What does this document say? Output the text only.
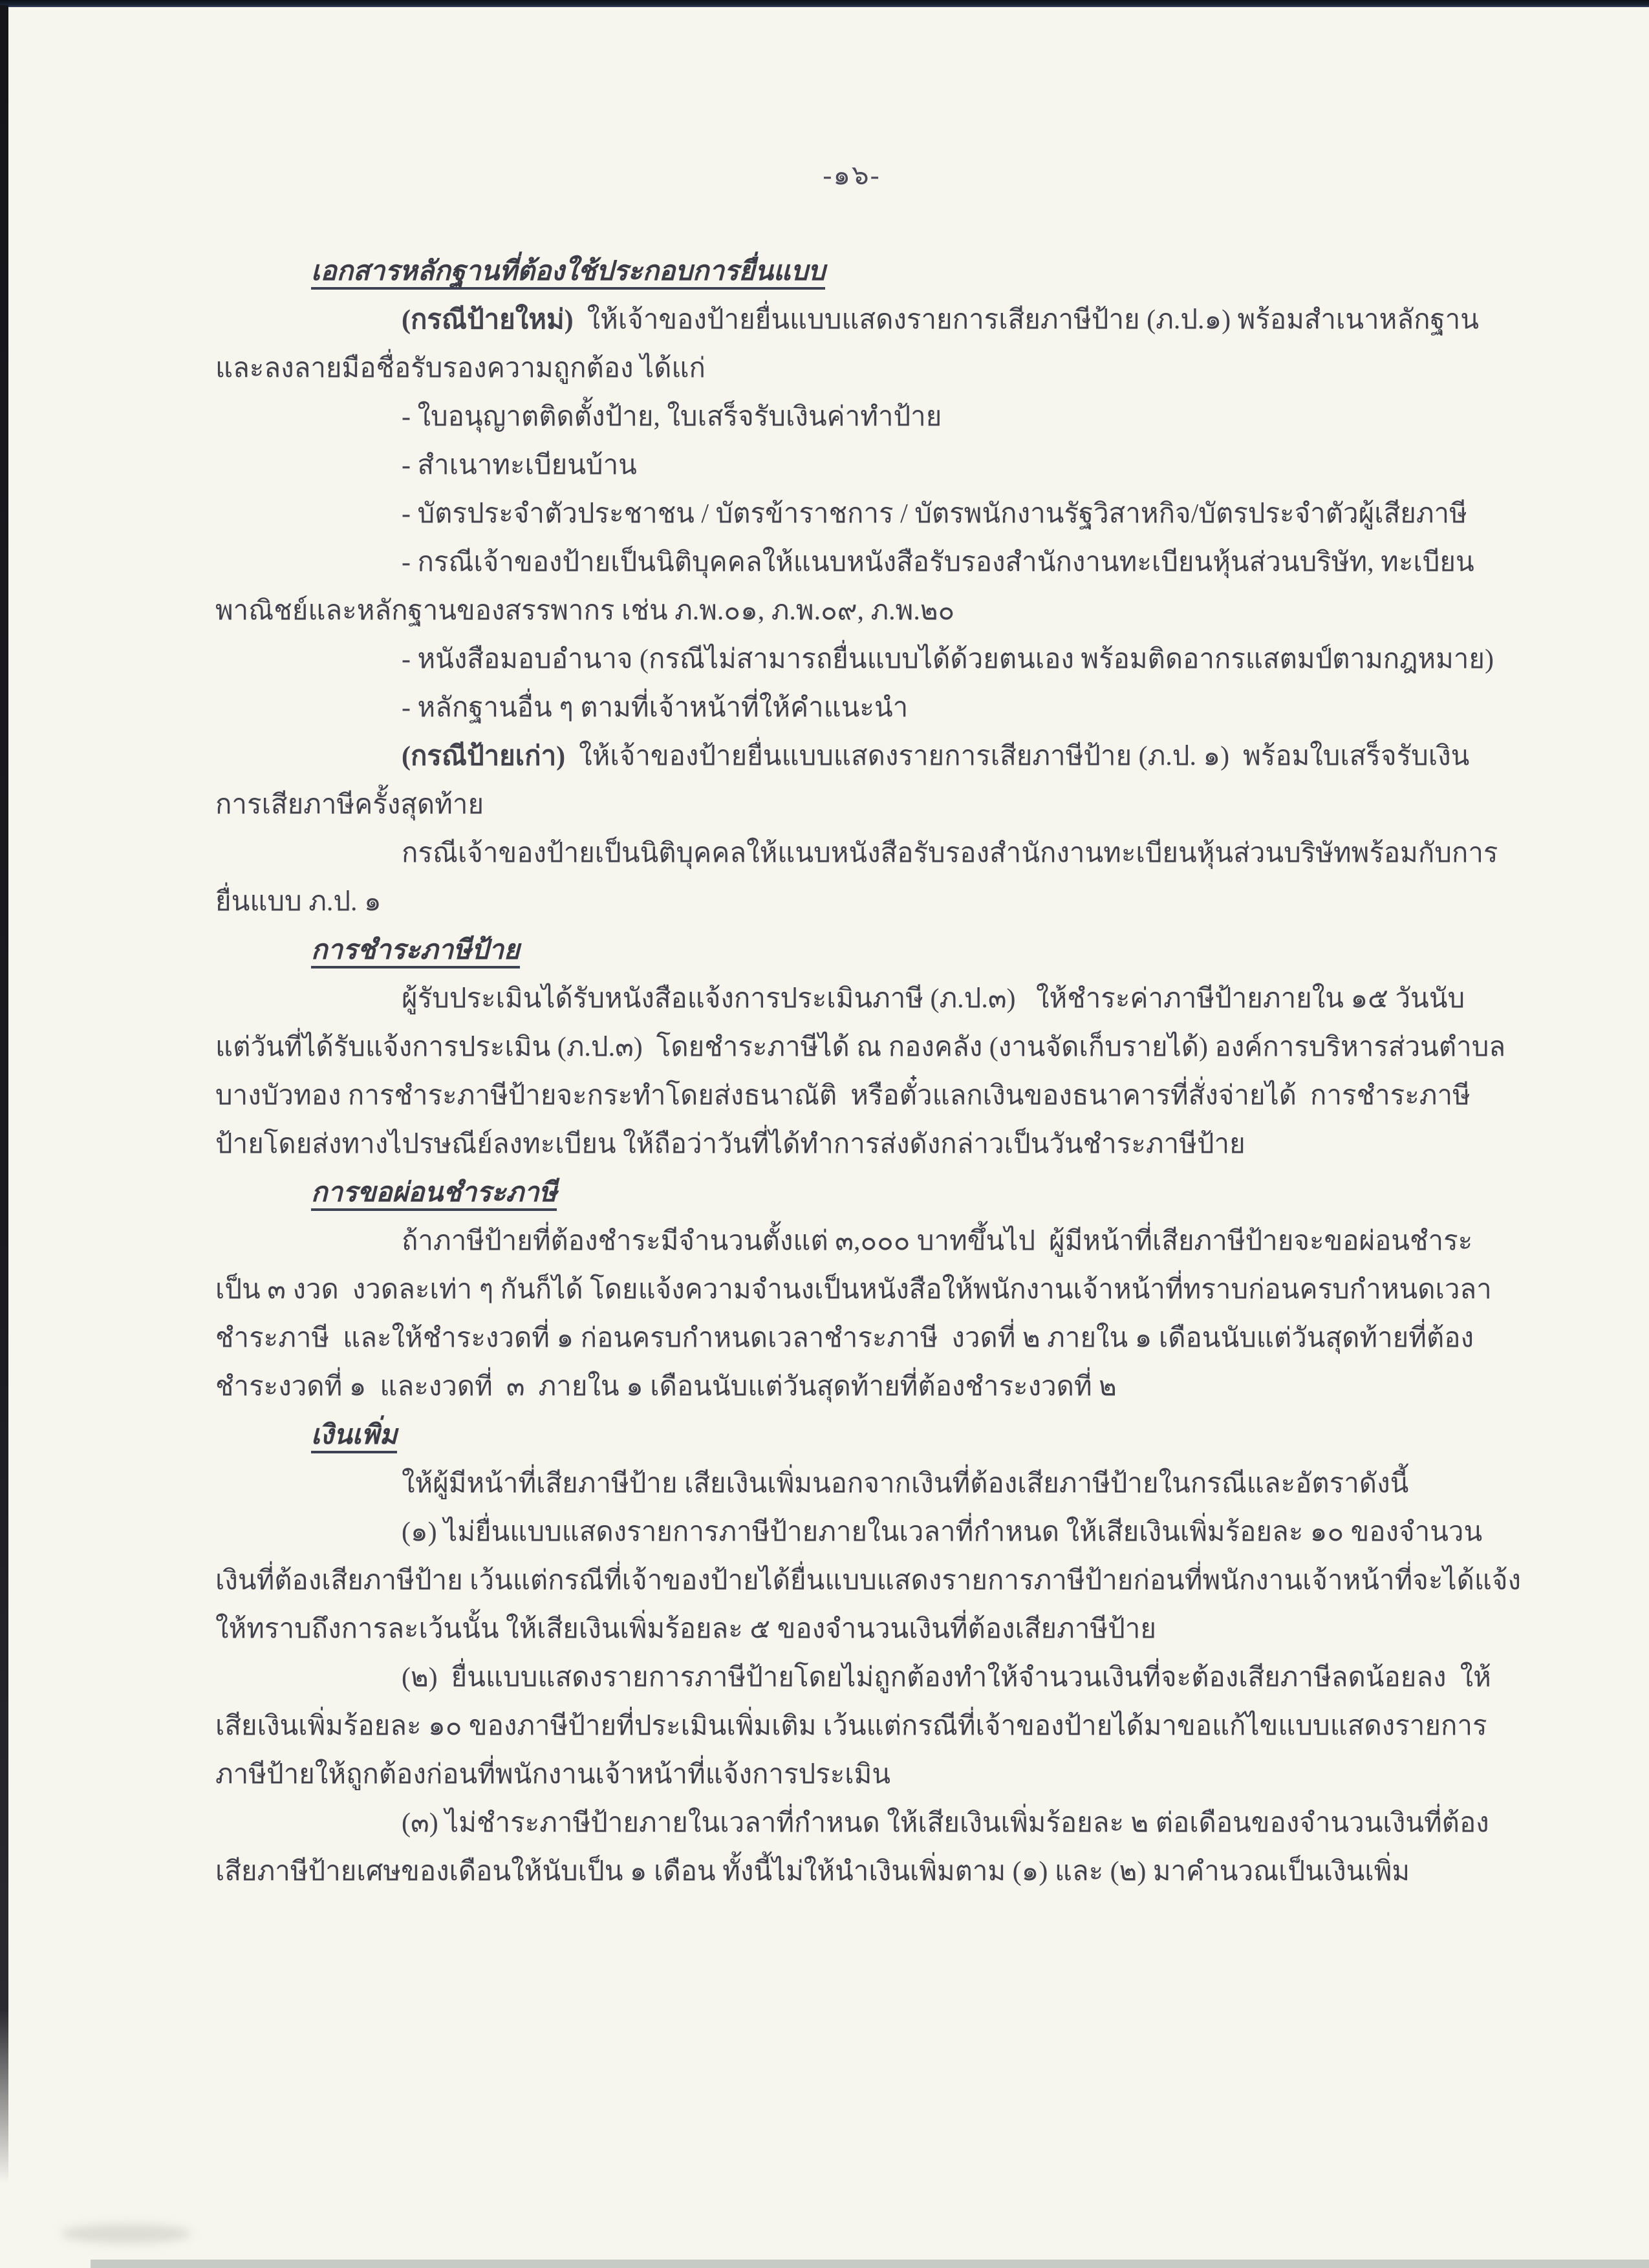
-๑๖-
เอกสารหลักฐานที่ต้องใช้ประกอบการยื่นแบบ
(กรณีป้ายใหม่)  ให้เจ้าของป้ายยื่นแบบแสดงรายการเสียภาษีป้าย (ภ.ป.๑) พร้อมสำเนาหลักฐาน
และลงลายมือชื่อรับรองความถูกต้อง ได้แก่
- ใบอนุญาตติดตั้งป้าย, ใบเสร็จรับเงินค่าทำป้าย
- สำเนาทะเบียนบ้าน
- บัตรประจำตัวประชาชน / บัตรข้าราชการ / บัตรพนักงานรัฐวิสาหกิจ/บัตรประจำตัวผู้เสียภาษี
- กรณีเจ้าของป้ายเป็นนิติบุคคลให้แนบหนังสือรับรองสำนักงานทะเบียนหุ้นส่วนบริษัท, ทะเบียน
พาณิชย์และหลักฐานของสรรพากร เช่น ภ.พ.๐๑, ภ.พ.๐๙, ภ.พ.๒๐
- หนังสือมอบอำนาจ (กรณีไม่สามารถยื่นแบบได้ด้วยตนเอง พร้อมติดอากรแสตมป์ตามกฎหมาย)
- หลักฐานอื่น ๆ ตามที่เจ้าหน้าที่ให้คำแนะนำ
(กรณีป้ายเก่า)  ให้เจ้าของป้ายยื่นแบบแสดงรายการเสียภาษีป้าย (ภ.ป. ๑)  พร้อมใบเสร็จรับเงิน
การเสียภาษีครั้งสุดท้าย
กรณีเจ้าของป้ายเป็นนิติบุคคลให้แนบหนังสือรับรองสำนักงานทะเบียนหุ้นส่วนบริษัทพร้อมกับการ
ยื่นแบบ ภ.ป. ๑
การชำระภาษีป้าย
ผู้รับประเมินได้รับหนังสือแจ้งการประเมินภาษี (ภ.ป.๓)   ให้ชำระค่าภาษีป้ายภายใน ๑๕ วันนับ
แต่วันที่ได้รับแจ้งการประเมิน (ภ.ป.๓)  โดยชำระภาษีได้ ณ กองคลัง (งานจัดเก็บรายได้) องค์การบริหารส่วนตำบล
บางบัวทอง การชำระภาษีป้ายจะกระทำโดยส่งธนาณัติ  หรือตั๋วแลกเงินของธนาคารที่สั่งจ่ายได้  การชำระภาษี
ป้ายโดยส่งทางไปรษณีย์ลงทะเบียน ให้ถือว่าวันที่ได้ทำการส่งดังกล่าวเป็นวันชำระภาษีป้าย
การขอผ่อนชำระภาษี
ถ้าภาษีป้ายที่ต้องชำระมีจำนวนตั้งแต่ ๓,๐๐๐ บาทขึ้นไป  ผู้มีหน้าที่เสียภาษีป้ายจะขอผ่อนชำระ
เป็น ๓ งวด  งวดละเท่า ๆ กันก็ได้ โดยแจ้งความจำนงเป็นหนังสือให้พนักงานเจ้าหน้าที่ทราบก่อนครบกำหนดเวลา
ชำระภาษี  และให้ชำระงวดที่ ๑ ก่อนครบกำหนดเวลาชำระภาษี  งวดที่ ๒ ภายใน ๑ เดือนนับแต่วันสุดท้ายที่ต้อง
ชำระงวดที่ ๑  และงวดที่  ๓  ภายใน ๑ เดือนนับแต่วันสุดท้ายที่ต้องชำระงวดที่ ๒
เงินเพิ่ม
ให้ผู้มีหน้าที่เสียภาษีป้าย เสียเงินเพิ่มนอกจากเงินที่ต้องเสียภาษีป้ายในกรณีและอัตราดังนี้
(๑) ไม่ยื่นแบบแสดงรายการภาษีป้ายภายในเวลาที่กำหนด ให้เสียเงินเพิ่มร้อยละ ๑๐ ของจำนวน
เงินที่ต้องเสียภาษีป้าย เว้นแต่กรณีที่เจ้าของป้ายได้ยื่นแบบแสดงรายการภาษีป้ายก่อนที่พนักงานเจ้าหน้าที่จะได้แจ้ง
ให้ทราบถึงการละเว้นนั้น ให้เสียเงินเพิ่มร้อยละ ๕ ของจำนวนเงินที่ต้องเสียภาษีป้าย
(๒)  ยื่นแบบแสดงรายการภาษีป้ายโดยไม่ถูกต้องทำให้จำนวนเงินที่จะต้องเสียภาษีลดน้อยลง  ให้
เสียเงินเพิ่มร้อยละ ๑๐ ของภาษีป้ายที่ประเมินเพิ่มเติม เว้นแต่กรณีที่เจ้าของป้ายได้มาขอแก้ไขแบบแสดงรายการ
ภาษีป้ายให้ถูกต้องก่อนที่พนักงานเจ้าหน้าที่แจ้งการประเมิน
(๓) ไม่ชำระภาษีป้ายภายในเวลาที่กำหนด ให้เสียเงินเพิ่มร้อยละ ๒ ต่อเดือนของจำนวนเงินที่ต้อง
เสียภาษีป้ายเศษของเดือนให้นับเป็น ๑ เดือน ทั้งนี้ไม่ให้นำเงินเพิ่มตาม (๑) และ (๒) มาคำนวณเป็นเงินเพิ่ม
